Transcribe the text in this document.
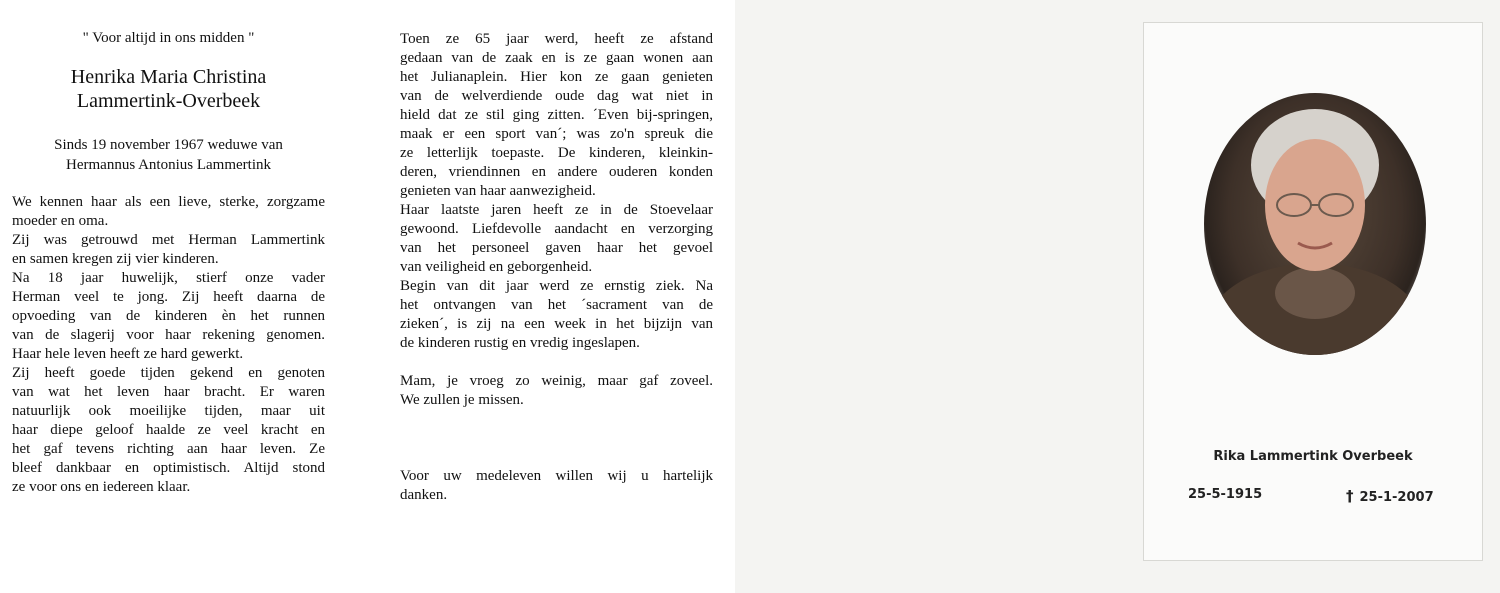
" Voor altijd in ons midden "

Henrika Maria Christina

Lammertink-Overbeek

Sinds 19 november 1967 weduwe van
Hermannus Antonius Lammertink
We kennen haar als een lieve, sterke, zorgzame
moeder en oma.
Zij was getrouwd met Herman Lammertink
en samen kregen zij vier kinderen.
Na 18 jaar huwelijk, stierf onze vader
Herman veel te jong. Zij heeft daarna de
opvoeding van de kinderen èn het runnen
van de slagerij voor haar rekening genomen.
Haar hele leven heeft ze hard gewerkt.
Zij heeft goede tijden gekend en genoten
van wat het leven haar bracht. Er waren
natuurlijk ook moeilijke tijden, maar uit
haar diepe geloof haalde ze veel kracht en
het gaf tevens richting aan haar leven. Ze
bleef dankbaar en optimistisch. Altijd stond
ze voor ons en iedereen klaar.
Toen ze 65 jaar werd, heeft ze afstand
gedaan van de zaak en is ze gaan wonen aan
het Julianaplein. Hier kon ze gaan genieten
van de welverdiende oude dag wat niet in
hield dat ze stil ging zitten. ´Even bij-springen,
maak er een sport van´; was zo'n spreuk die
ze letterlijk toepaste. De kinderen, kleinkin-
deren, vriendinnen en andere ouderen konden
genieten van haar aanwezigheid.
Haar laatste jaren heeft ze in de Stoevelaar
gewoond. Liefdevolle aandacht en verzorging
van het personeel gaven haar het gevoel
van veiligheid en geborgenheid.
Begin van dit jaar werd ze ernstig ziek. Na
het ontvangen van het ´sacrament van de
zieken´, is zij na een week in het bijzijn van
de kinderen rustig en vredig ingeslapen.
Mam, je vroeg zo weinig, maar gaf zoveel.
We zullen je missen.
Voor uw medeleven willen wij u hartelijk
danken.
Rika Lammertink Overbeek
25-5-1915	† 25-1-2007
